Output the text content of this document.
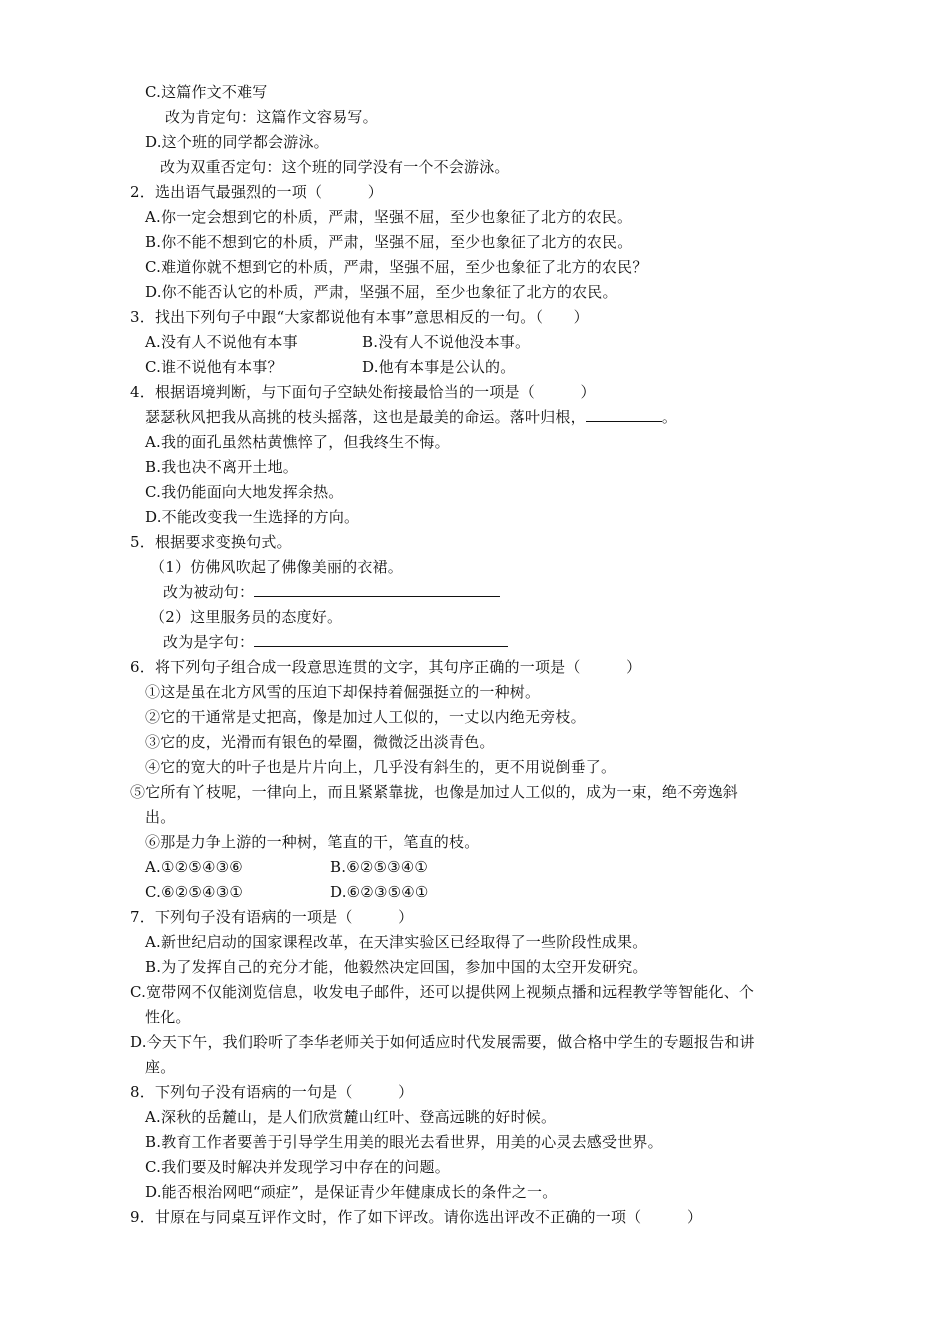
C.这篇作文不难写
改为肯定句：这篇作文容易写。
D.这个班的同学都会游泳。
改为双重否定句：这个班的同学没有一个不会游泳。
2．选出语气最强烈的一项（　　　）
A.你一定会想到它的朴质，严肃，坚强不屈，至少也象征了北方的农民。
B.你不能不想到它的朴质，严肃，坚强不屈，至少也象征了北方的农民。
C.难道你就不想到它的朴质，严肃，坚强不屈，至少也象征了北方的农民？
D.你不能否认它的朴质，严肃，坚强不屈，至少也象征了北方的农民。
3．找出下列句子中跟“大家都说他有本事”意思相反的一句。（　　）
A.没有人不说他有本事	B.没有人不说他没本事。
C.谁不说他有本事？	D.他有本事是公认的。
4．根据语境判断，与下面句子空缺处衔接最恰当的一项是（　　　）
瑟瑟秋风把我从高挑的枝头摇落，这也是最美的命运。落叶归根，	。
A.我的面孔虽然枯黄憔悴了，但我终生不悔。
B.我也决不离开土地。
C.我仍能面向大地发挥余热。
D.不能改变我一生选择的方向。
5．根据要求变换句式。
（1）仿佛风吹起了佛像美丽的衣裙。
改为被动句：
（2）这里服务员的态度好。
改为是字句：
6．将下列句子组合成一段意思连贯的文字，其句序正确的一项是（　　　）
①这是虽在北方风雪的压迫下却保持着倔强挺立的一种树。
②它的干通常是丈把高，像是加过人工似的，一丈以内绝无旁枝。
③它的皮，光滑而有银色的晕圈，微微泛出淡青色。
④它的宽大的叶子也是片片向上，几乎没有斜生的，更不用说倒垂了。
⑤它所有丫枝呢，一律向上，而且紧紧靠拢，也像是加过人工似的，成为一束，绝不旁逸斜
出。
⑥那是力争上游的一种树，笔直的干，笔直的枝。
A.①②⑤④③⑥	B.⑥②⑤③④①
C.⑥②⑤④③①	D.⑥②③⑤④①
7．下列句子没有语病的一项是（　　　）
A.新世纪启动的国家课程改革，在天津实验区已经取得了一些阶段性成果。
B.为了发挥自己的充分才能，他毅然决定回国，参加中国的太空开发研究。
C.宽带网不仅能浏览信息，收发电子邮件，还可以提供网上视频点播和远程教学等智能化、个
性化。
D.今天下午，我们聆听了李华老师关于如何适应时代发展需要，做合格中学生的专题报告和讲
座。
8．下列句子没有语病的一句是（　　　）
A.深秋的岳麓山，是人们欣赏麓山红叶、登高远眺的好时候。
B.教育工作者要善于引导学生用美的眼光去看世界，用美的心灵去感受世界。
C.我们要及时解决并发现学习中存在的问题。
D.能否根治网吧“顽症”，是保证青少年健康成长的条件之一。
9．甘原在与同桌互评作文时，作了如下评改。请你选出评改不正确的一项（　　　）
